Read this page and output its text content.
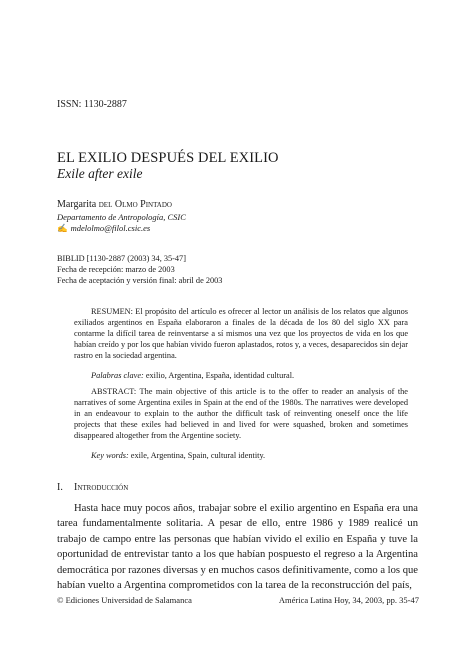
ISSN: 1130-2887
EL EXILIO DESPUÉS DEL EXILIO
Exile after exile
Margarita del Olmo Pintado
Departamento de Antropología, CSIC
✍ mdelolmo@filol.csic.es
BIBLID [1130-2887 (2003) 34, 35-47]
Fecha de recepción: marzo de 2003
Fecha de aceptación y versión final: abril de 2003

RESUMEN: El propósito del artículo es ofrecer al lector un análisis de los relatos que algunos exiliados argentinos en España elaboraron a finales de la década de los 80 del siglo XX para contarme la difícil tarea de reinventarse a sí mismos una vez que los proyectos de vida en los que habían creído y por los que habían vivido fueron aplastados, rotos y, a veces, desaparecidos sin dejar rastro en la sociedad argentina.

Palabras clave: exilio, Argentina, España, identidad cultural.

ABSTRACT: The main objective of this article is to the offer to reader an analysis of the narratives of some Argentina exiles in Spain at the end of the 1980s. The narratives were developed in an endeavour to explain to the author the difficult task of reinventing oneself once the life projects that these exiles had believed in and lived for were squashed, broken and sometimes disappeared altogether from the Argentine society.

Key words: exile, Argentina, Spain, cultural identity.

I. Introducción

Hasta hace muy pocos años, trabajar sobre el exilio argentino en España era una tarea fundamentalmente solitaria. A pesar de ello, entre 1986 y 1989 realicé un trabajo de campo entre las personas que habían vivido el exilio en España y tuve la oportunidad de entrevistar tanto a los que habían pospuesto el regreso a la Argentina democrática por razones diversas y en muchos casos definitivamente, como a los que habían vuelto a Argentina comprometidos con la tarea de la reconstrucción del país,

© Ediciones Universidad de Salamanca	América Latina Hoy, 34, 2003, pp. 35-47
